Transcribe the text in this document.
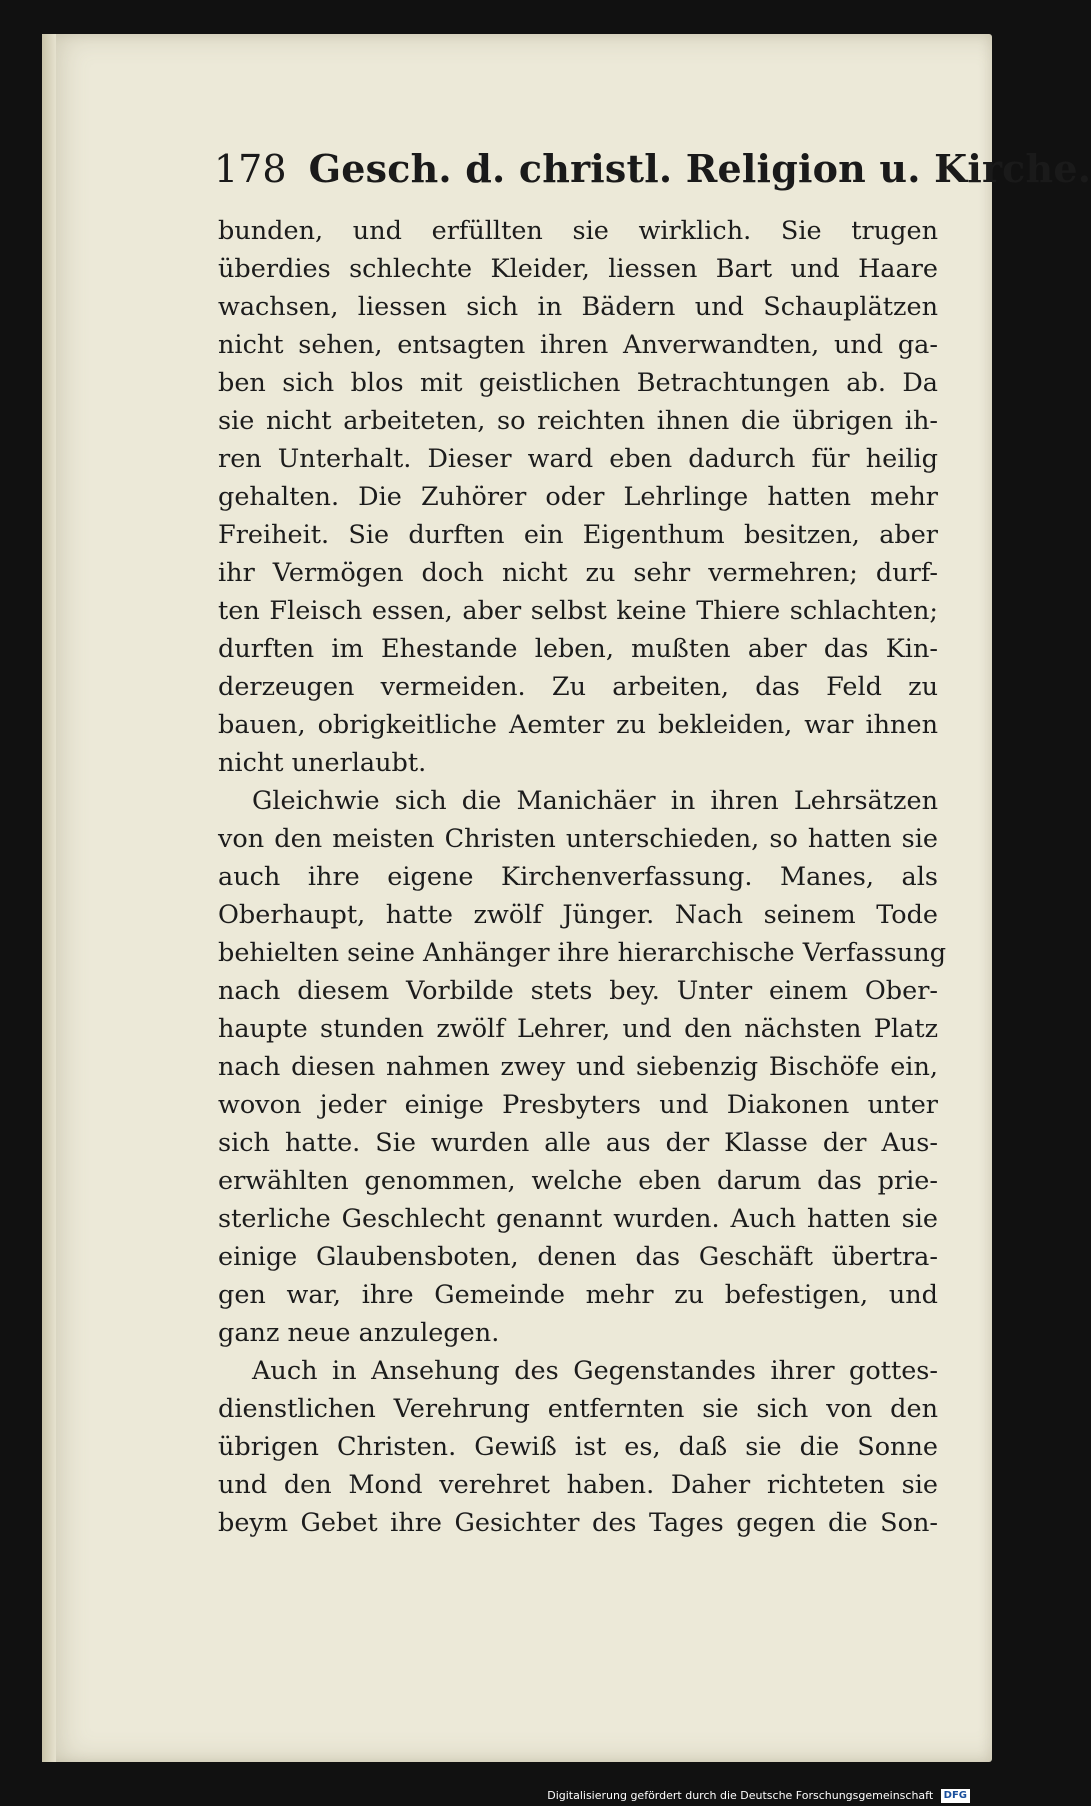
178 Gesch. d. christl. Religion u. Kirche.
bunden, und erfüllten sie wirklich. Sie trugen
überdies schlechte Kleider, liessen Bart und Haare
wachsen, liessen sich in Bädern und Schauplätzen
nicht sehen, entsagten ihren Anverwandten, und ga-
ben sich blos mit geistlichen Betrachtungen ab. Da
sie nicht arbeiteten, so reichten ihnen die übrigen ih-
ren Unterhalt. Dieser ward eben dadurch für heilig
gehalten. Die Zuhörer oder Lehrlinge hatten mehr
Freiheit. Sie durften ein Eigenthum besitzen, aber
ihr Vermögen doch nicht zu sehr vermehren; durf-
ten Fleisch essen, aber selbst keine Thiere schlachten;
durften im Ehestande leben, mußten aber das Kin-
derzeugen vermeiden. Zu arbeiten, das Feld zu
bauen, obrigkeitliche Aemter zu bekleiden, war ihnen
nicht unerlaubt.
Gleichwie sich die Manichäer in ihren Lehrsätzen
von den meisten Christen unterschieden, so hatten sie
auch ihre eigene Kirchenverfassung. Manes, als
Oberhaupt, hatte zwölf Jünger. Nach seinem Tode
behielten seine Anhänger ihre hierarchische Verfassung
nach diesem Vorbilde stets bey. Unter einem Ober-
haupte stunden zwölf Lehrer, und den nächsten Platz
nach diesen nahmen zwey und siebenzig Bischöfe ein,
wovon jeder einige Presbyters und Diakonen unter
sich hatte. Sie wurden alle aus der Klasse der Aus-
erwählten genommen, welche eben darum das prie-
sterliche Geschlecht genannt wurden. Auch hatten sie
einige Glaubensboten, denen das Geschäft übertra-
gen war, ihre Gemeinde mehr zu befestigen, und
ganz neue anzulegen.
Auch in Ansehung des Gegenstandes ihrer gottes-
dienstlichen Verehrung entfernten sie sich von den
übrigen Christen. Gewiß ist es, daß sie die Sonne
und den Mond verehret haben. Daher richteten sie
beym Gebet ihre Gesichter des Tages gegen die Son-
Digitalisierung gefördert durch die Deutsche Forschungsgemeinschaft DFG
